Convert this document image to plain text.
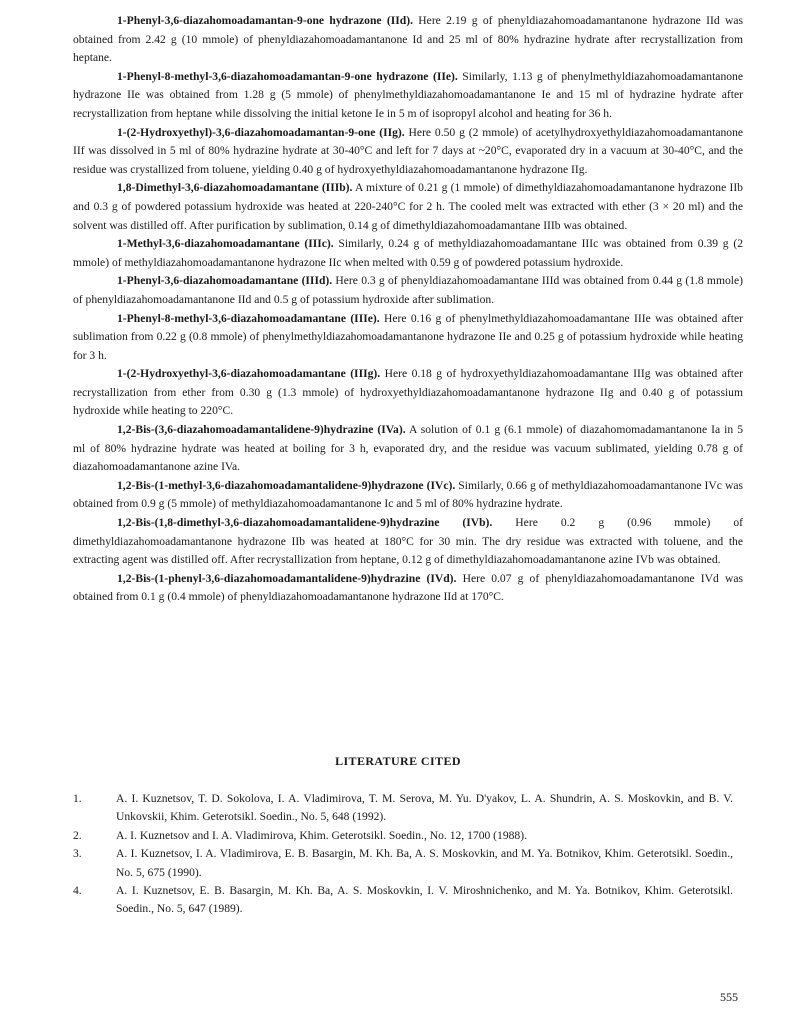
1-Phenyl-3,6-diazahomoadamantan-9-one hydrazone (IId). Here 2.19 g of phenyldiazahomoadamantanone hydrazone IId was obtained from 2.42 g (10 mmole) of phenyldiazahomoadamantanone Id and 25 ml of 80% hydrazine hydrate after recrystallization from heptane.

1-Phenyl-8-methyl-3,6-diazahomoadamantan-9-one hydrazone (IIe). Similarly, 1.13 g of phenylmethyldiazahomoadamantanone hydrazone IIe was obtained from 1.28 g (5 mmole) of phenylmethyldiazahomoadamantanone Ie and 15 ml of hydrazine hydrate after recrystallization from heptane while dissolving the initial ketone Ie in 5 m of isopropyl alcohol and heating for 36 h.

1-(2-Hydroxyethyl)-3,6-diazahomoadamantan-9-one (IIg). Here 0.50 g (2 mmole) of acetylhydroxyethyldiazahomoadamantanone IIf was dissolved in 5 ml of 80% hydrazine hydrate at 30-40°C and left for 7 days at ~20°C, evaporated dry in a vacuum at 30-40°C, and the residue was crystallized from toluene, yielding 0.40 g of hydroxyethyldiazahomoadamantanone hydrazone IIg.

1,8-Dimethyl-3,6-diazahomoadamantane (IIIb). A mixture of 0.21 g (1 mmole) of dimethyldiazahomoadamantanone hydrazone IIb and 0.3 g of powdered potassium hydroxide was heated at 220-240°C for 2 h. The cooled melt was extracted with ether (3 × 20 ml) and the solvent was distilled off. After purification by sublimation, 0.14 g of dimethyldiazahomoadamantane IIIb was obtained.

1-Methyl-3,6-diazahomoadamantane (IIIc). Similarly, 0.24 g of methyldiazahomoadamantane IIIc was obtained from 0.39 g (2 mmole) of methyldiazahomoadamantanone hydrazone IIc when melted with 0.59 g of powdered potassium hydroxide.

1-Phenyl-3,6-diazahomoadamantane (IIId). Here 0.3 g of phenyldiazahomoadamantane IIId was obtained from 0.44 g (1.8 mmole) of phenyldiazahomoadamantanone IId and 0.5 g of potassium hydroxide after sublimation.

1-Phenyl-8-methyl-3,6-diazahomoadamantane (IIIe). Here 0.16 g of phenylmethyldiazahomoadamantane IIIe was obtained after sublimation from 0.22 g (0.8 mmole) of phenylmethyldiazahomoadamantanone hydrazone IIe and 0.25 g of potassium hydroxide while heating for 3 h.

1-(2-Hydroxyethyl-3,6-diazahomoadamantane (IIIg). Here 0.18 g of hydroxyethyldiazahomoadamantane IIIg was obtained after recrystallization from ether from 0.30 g (1.3 mmole) of hydroxyethyldiazahomoadamantanone hydrazone IIg and 0.40 g of potassium hydroxide while heating to 220°C.

1,2-Bis-(3,6-diazahomoadamantalidene-9)hydrazine (IVa). A solution of 0.1 g (6.1 mmole) of diazahomomadamantanone Ia in 5 ml of 80% hydrazine hydrate was heated at boiling for 3 h, evaporated dry, and the residue was vacuum sublimated, yielding 0.78 g of diazahomoadamantanone azine IVa.

1,2-Bis-(1-methyl-3,6-diazahomoadamantalidene-9)hydrazone (IVc). Similarly, 0.66 g of methyldiazahomoadamantanone IVc was obtained from 0.9 g (5 mmole) of methyldiazahomoadamantanone Ic and 5 ml of 80% hydrazine hydrate.

1,2-Bis-(1,8-dimethyl-3,6-diazahomoadamantalidene-9)hydrazine (IVb). Here 0.2 g (0.96 mmole) of dimethyldiazahomoadamantanone hydrazone IIb was heated at 180°C for 30 min. The dry residue was extracted with toluene, and the extracting agent was distilled off. After recrystallization from heptane, 0.12 g of dimethyldiazahomoadamantanone azine IVb was obtained.

1,2-Bis-(1-phenyl-3,6-diazahomoadamantalidene-9)hydrazine (IVd). Here 0.07 g of phenyldiazahomoadamantanone IVd was obtained from 0.1 g (0.4 mmole) of phenyldiazahomoadamantanone hydrazone IId at 170°C.

LITERATURE CITED
1.	A. I. Kuznetsov, T. D. Sokolova, I. A. Vladimirova, T. M. Serova, M. Yu. D'yakov, L. A. Shundrin, A. S. Moskovkin, and B. V. Unkovskii, Khim. Geterotsikl. Soedin., No. 5, 648 (1992).
2.	A. I. Kuznetsov and I. A. Vladimirova, Khim. Geterotsikl. Soedin., No. 12, 1700 (1988).
3.	A. I. Kuznetsov, I. A. Vladimirova, E. B. Basargin, M. Kh. Ba, A. S. Moskovkin, and M. Ya. Botnikov, Khim. Geterotsikl. Soedin., No. 5, 675 (1990).
4.	A. I. Kuznetsov, E. B. Basargin, M. Kh. Ba, A. S. Moskovkin, I. V. Miroshnichenko, and M. Ya. Botnikov, Khim. Geterotsikl. Soedin., No. 5, 647 (1989).
555
